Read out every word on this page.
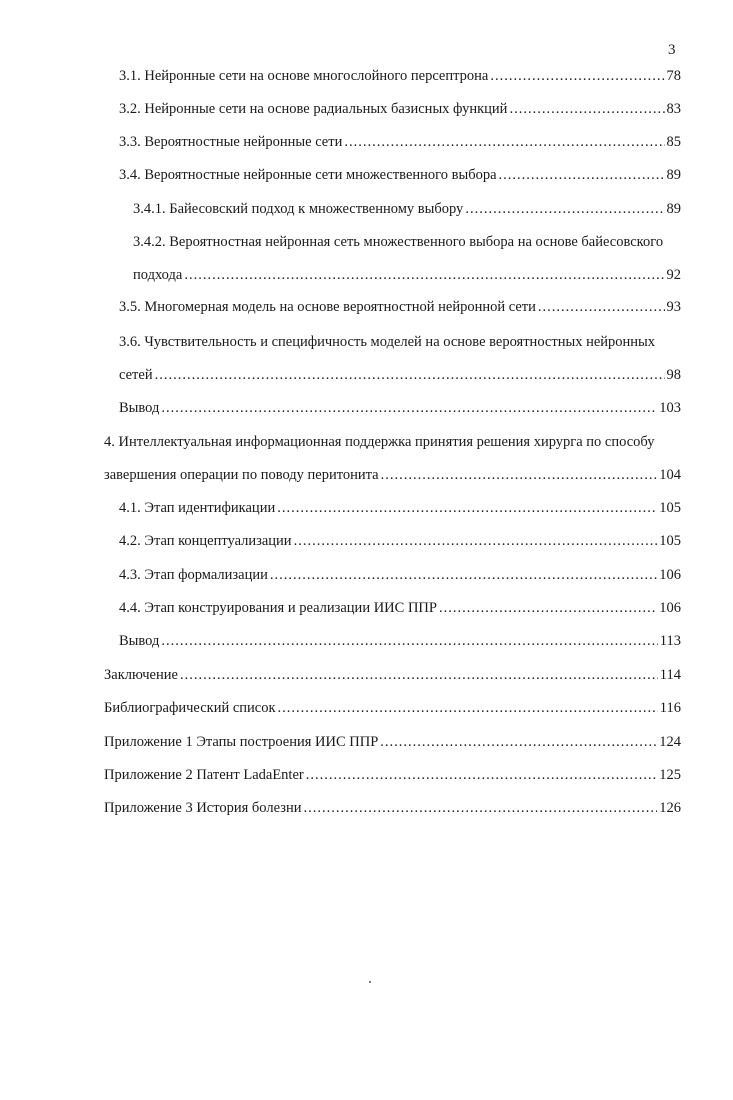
3
3.1. Нейронные сети на основе многослойного персептрона .....	78
3.2. Нейронные сети на основе радиальных базисных функций .....	83
3.3. Вероятностные нейронные сети .....	85
3.4. Вероятностные нейронные сети множественного выбора .....	89
3.4.1. Байесовский подход к множественному выбору .....	89
3.4.2. Вероятностная нейронная сеть множественного выбора на основе байесовского
подхода .....	92
3.5. Многомерная модель на основе вероятностной нейронной сети .....	93
3.6. Чувствительность и специфичность моделей на основе вероятностных нейронных
сетей .....	98
Вывод .....	103
4. Интеллектуальная информационная поддержка принятия решения хирурга по способу
завершения операции по поводу перитонита .....	104
4.1. Этап идентификации .....	105
4.2. Этап концептуализации .....	105
4.3. Этап формализации .....	106
4.4. Этап конструирования и реализации ИИС ППР .....	106
Вывод .....	113
Заключение .....	114
Библиографический список .....	116
Приложение 1 Этапы построения ИИС ППР .....	124
Приложение 2 Патент LadaEnter .....	125
Приложение 3 История болезни .....	126
